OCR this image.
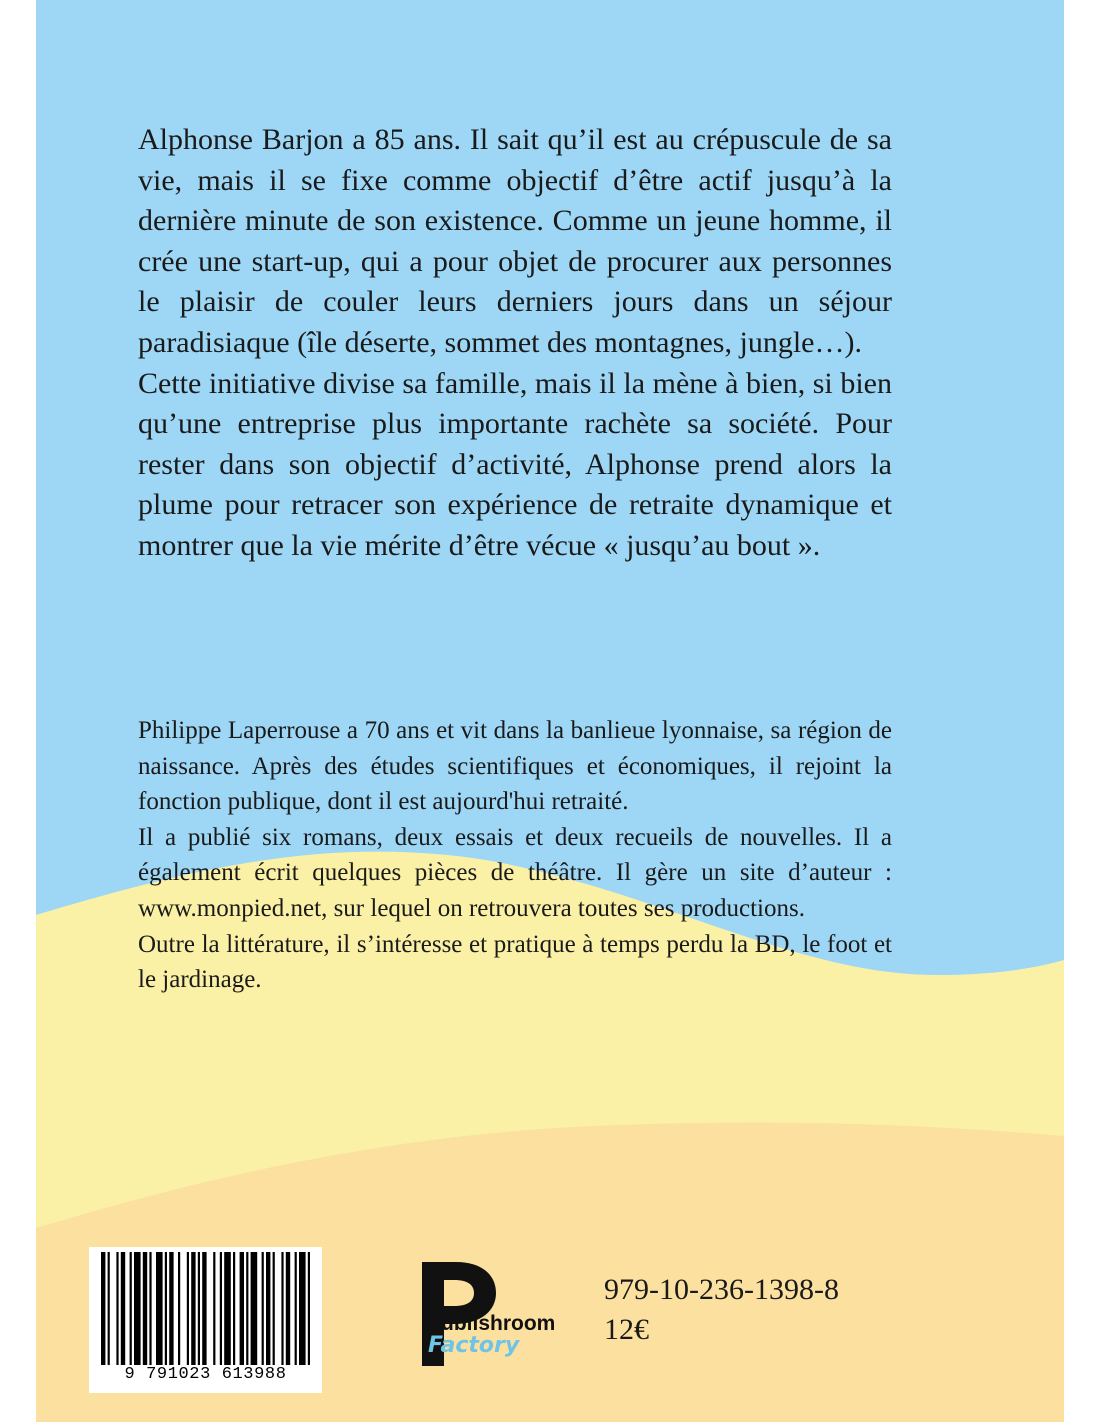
Alphonse Barjon a 85 ans. Il sait qu’il est au crépuscule de sa vie, mais il se fixe comme objectif d’être actif jusqu’à la dernière minute de son existence. Comme un jeune homme, il crée une start-up, qui a pour objet de procurer aux personnes le plaisir de couler leurs derniers jours dans un séjour paradisiaque (île déserte, sommet des montagnes, jungle…).

Cette initiative divise sa famille, mais il la mène à bien, si bien qu’une entreprise plus importante rachète sa société. Pour rester dans son objectif d’activité, Alphonse prend alors la plume pour retracer son expérience de retraite dynamique et montrer que la vie mérite d’être vécue « jusqu’au bout ».

Philippe Laperrouse a 70 ans et vit dans la banlieue lyonnaise, sa région de naissance. Après des études scientifiques et économiques, il rejoint la fonction publique, dont il est aujourd'hui retraité.

Il a publié six romans, deux essais et deux recueils de nouvelles. Il a également écrit quelques pièces de théâtre. Il gère un site d’auteur : www.monpied.net, sur lequel on retrouvera toutes ses productions.

Outre la littérature, il s’intéresse et pratique à temps perdu la BD, le foot et le jardinage.

9 791023 613988
ublishroom
Factory
979-10-236-1398-8
12€
